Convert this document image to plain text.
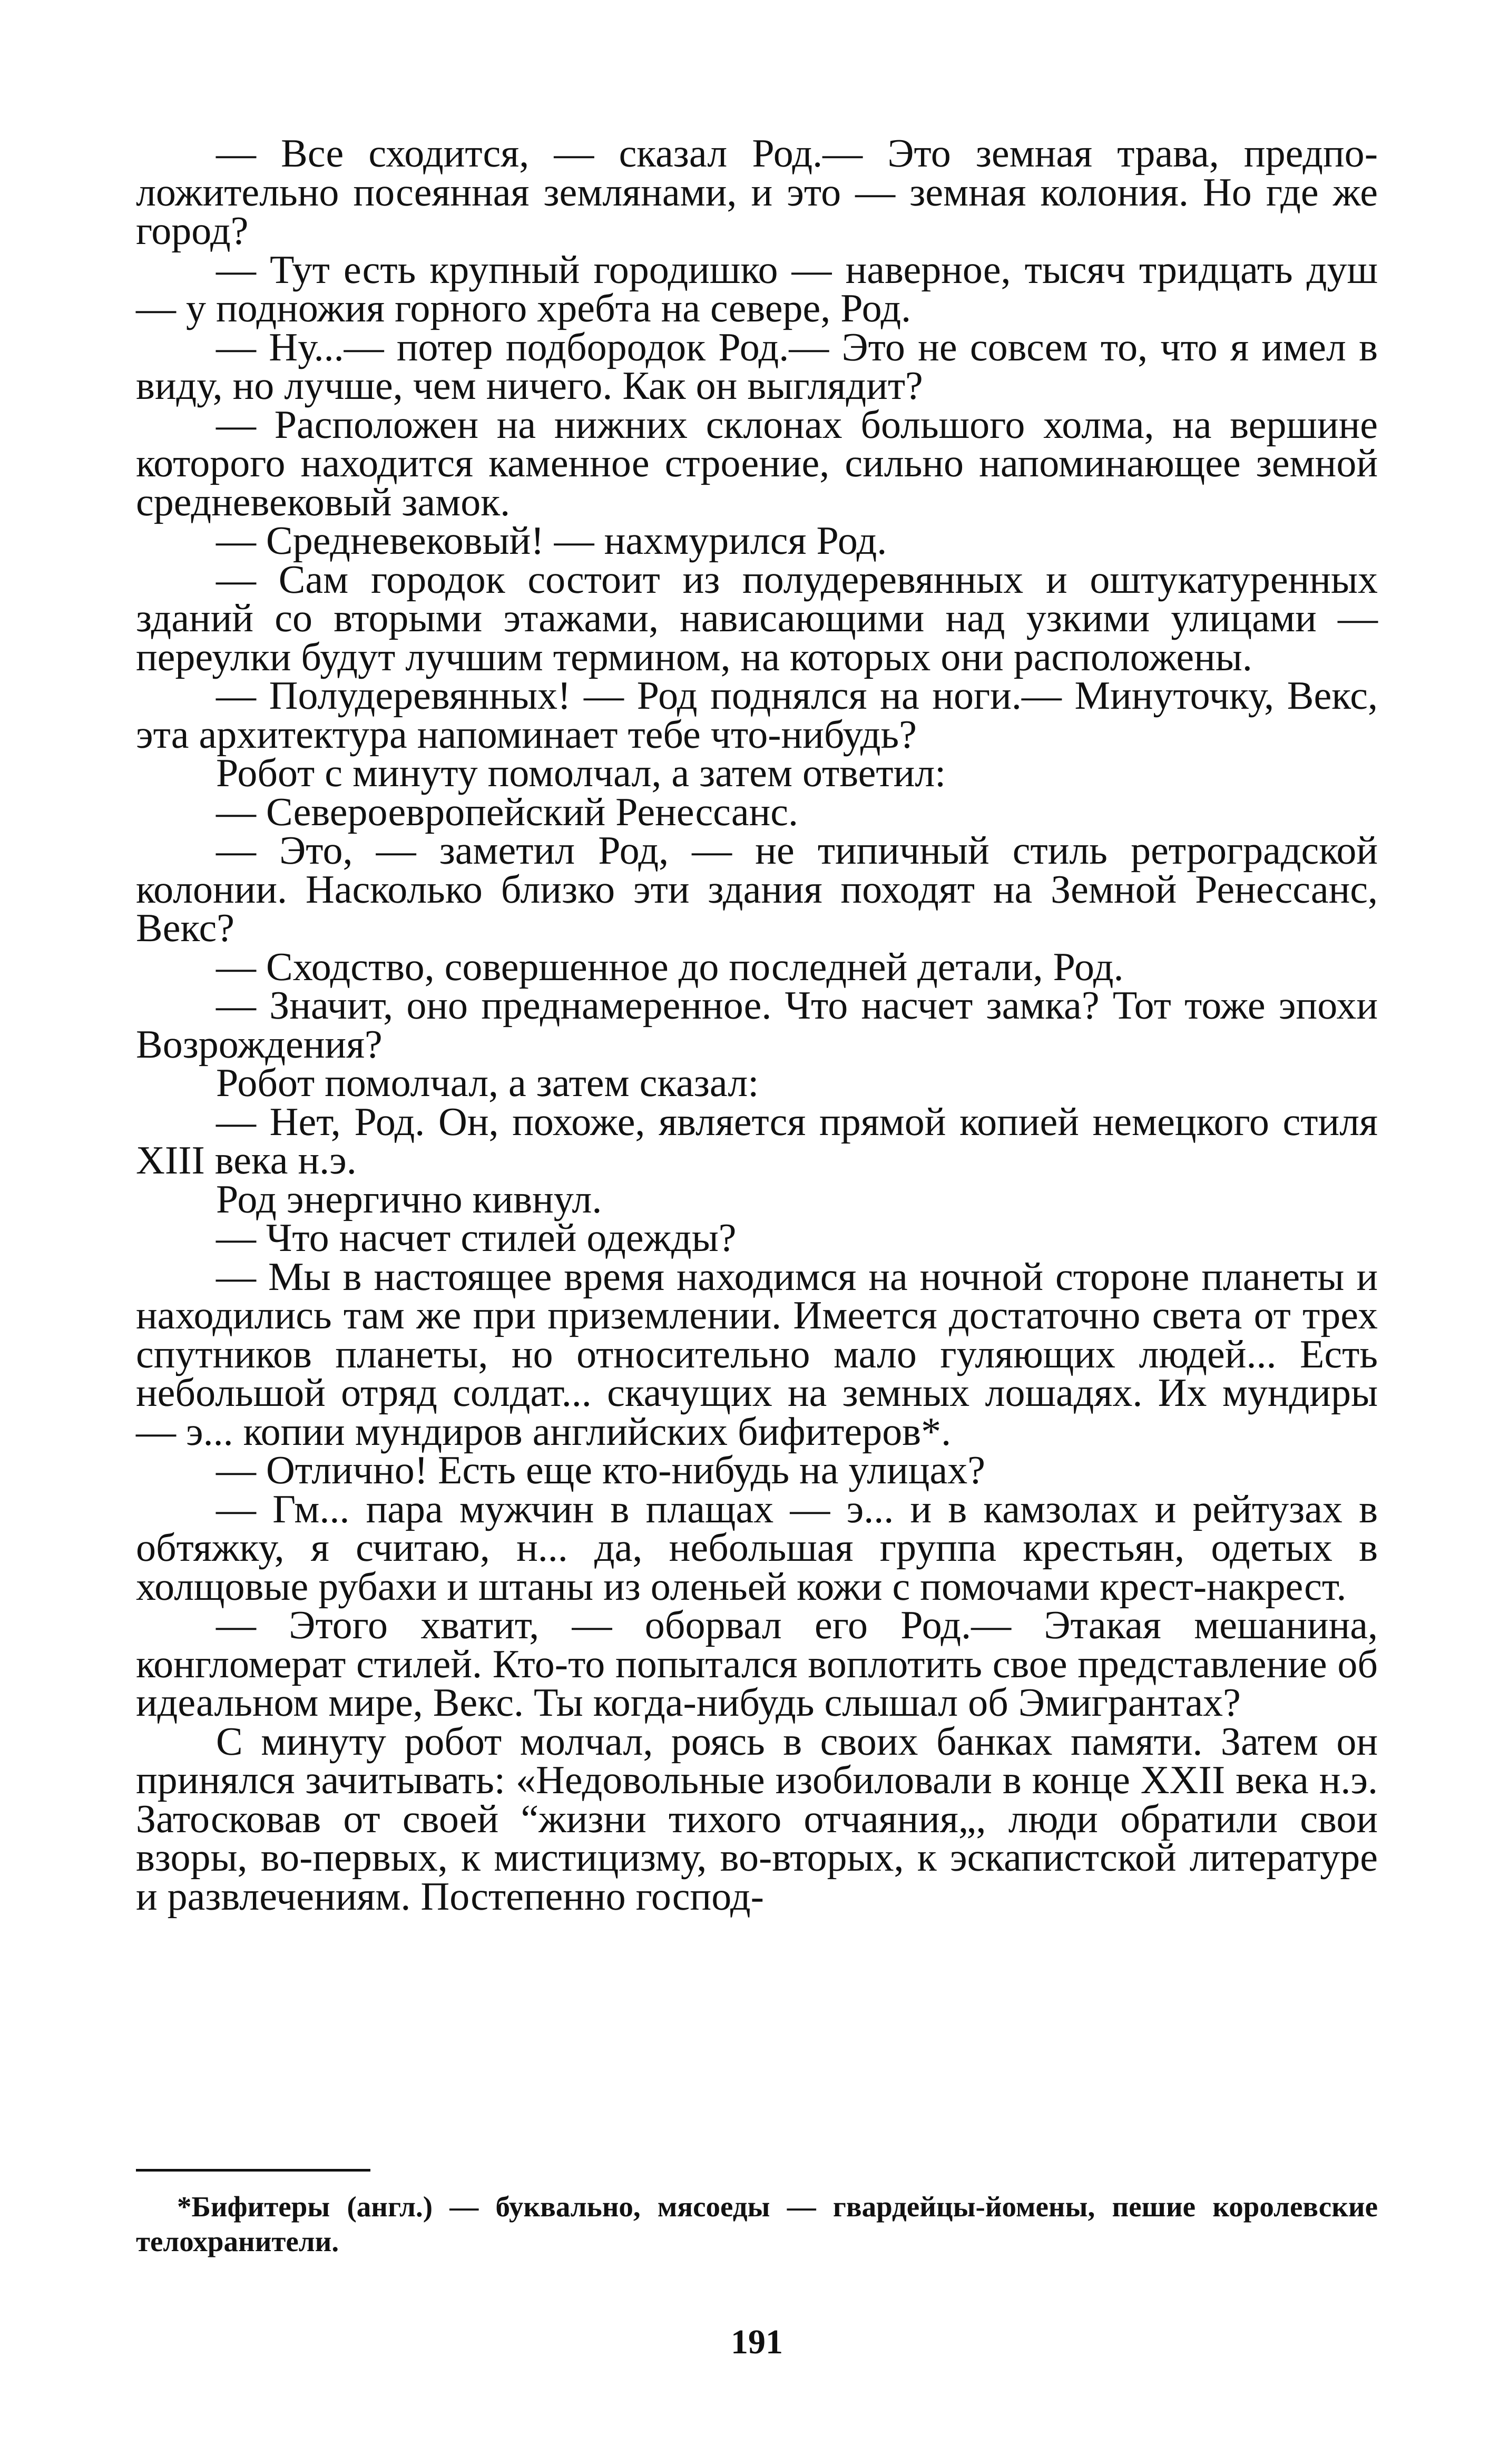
— Все сходится, — сказал Род.— Это земная трава, предположительно посеянная землянами, и это — земная колония. Но где же город?

— Тут есть крупный городишко — наверное, тысяч тридцать душ — у подножия горного хребта на севере, Род.

— Ну...— потер подбородок Род.— Это не совсем то, что я имел в виду, но лучше, чем ничего. Как он выглядит?

— Расположен на нижних склонах большого холма, на вершине которого находится каменное строение, сильно напоминающее земной средневековый замок.

— Средневековый! — нахмурился Род.

— Сам городок состоит из полудеревянных и оштукатуренных зданий со вторыми этажами, нависающими над узкими улицами — переулки будут лучшим термином, на которых они расположены.

— Полудеревянных! — Род поднялся на ноги.— Минуточку, Векс, эта архитектура напоминает тебе что-нибудь?

Робот с минуту помолчал, а затем ответил:

— Североевропейский Ренессанс.

— Это, — заметил Род, — не типичный стиль ретроградской колонии. Насколько близко эти здания походят на Земной Ренессанс, Векс?

— Сходство, совершенное до последней детали, Род.

— Значит, оно преднамеренное. Что насчет замка? Тот тоже эпохи Возрождения?

Робот помолчал, а затем сказал:

— Нет, Род. Он, похоже, является прямой копией немецкого стиля XIII века н.э.

Род энергично кивнул.

— Что насчет стилей одежды?

— Мы в настоящее время находимся на ночной стороне планеты и находились там же при приземлении. Имеется достаточно света от трех спутников планеты, но относительно мало гуляющих людей... Есть небольшой отряд солдат... скачущих на земных лошадях. Их мундиры — э... копии мундиров английских бифитеров*.

— Отлично! Есть еще кто-нибудь на улицах?

— Гм... пара мужчин в плащах — э... и в камзолах и рейтузах в обтяжку, я считаю, н... да, небольшая группа крестьян, одетых в холщовые рубахи и штаны из оленьей кожи с помочами крест-накрест.

— Этого хватит, — оборвал его Род.— Этакая мешанина, конгломерат стилей. Кто-то попытался воплотить свое представление об идеальном мире, Векс. Ты когда-нибудь слышал об Эмигрантах?

С минуту робот молчал, роясь в своих банках памяти. Затем он принялся зачитывать: «Недовольные изобиловали в конце XXII века н.э. Затосковав от своей “жизни тихого отчаяния„, люди обратили свои взоры, во-первых, к мистицизму, во-вторых, к эскапистской литературе и развлечениям. Постепенно господ-

*Бифитеры (англ.) — буквально, мясоеды — гвардейцы-йомены, пешие королевские телохранители.

191
